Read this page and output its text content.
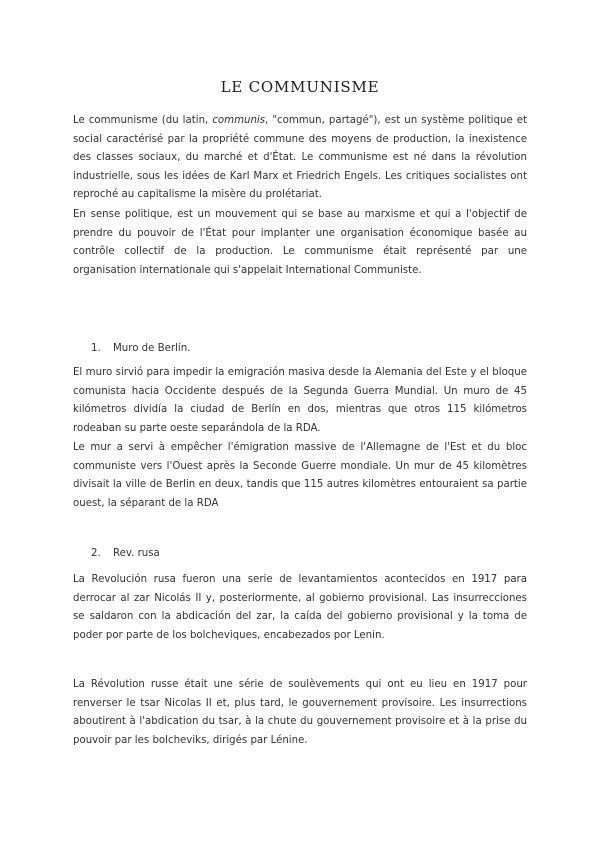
LE COMMUNISME

Le communisme (du latin, communis, "commun, partagé"), est un système politique et social caractérisé par la propriété commune des moyens de production, la inexistence des classes sociaux, du marché et d'État. Le communisme est né dans la révolution industrielle, sous les idées de Karl Marx et Friedrich Engels. Les critiques socialistes ont reproché au capitalisme la misère du prolétariat.

En sense politique, est un mouvement qui se base au marxisme et qui a l'objectif de prendre du pouvoir de l'État pour implanter une organisation économique basée au contrôle collectif de la production. Le communisme était représenté par une organisation internationale qui s'appelait International Communiste.

1. Muro de Berlín.

El muro sirvió para impedir la emigración masiva desde la Alemania del Este y el bloque comunista hacia Occidente después de la Segunda Guerra Mundial. Un muro de 45 kilómetros dividía la ciudad de Berlín en dos, mientras que otros 115 kilómetros rodeaban su parte oeste separándola de la RDA.

Le mur a servi à empêcher l'émigration massive de l'Allemagne de l'Est et du bloc communiste vers l'Ouest après la Seconde Guerre mondiale. Un mur de 45 kilomètres divisait la ville de Berlin en deux, tandis que 115 autres kilomètres entouraient sa partie ouest, la séparant de la RDA

2. Rev. rusa

La Revolución rusa fueron una serie de levantamientos acontecidos en 1917 para derrocar al zar Nicolás II y, posteriormente, al gobierno provisional. Las insurrecciones se saldaron con la abdicación del zar, la caída del gobierno provisional y la toma de poder por parte de los bolcheviques, encabezados por Lenin.

La Révolution russe était une série de soulèvements qui ont eu lieu en 1917 pour renverser le tsar Nicolas II et, plus tard, le gouvernement provisoire. Les insurrections aboutirent à l'abdication du tsar, à la chute du gouvernement provisoire et à la prise du pouvoir par les bolcheviks, dirigés par Lénine.
